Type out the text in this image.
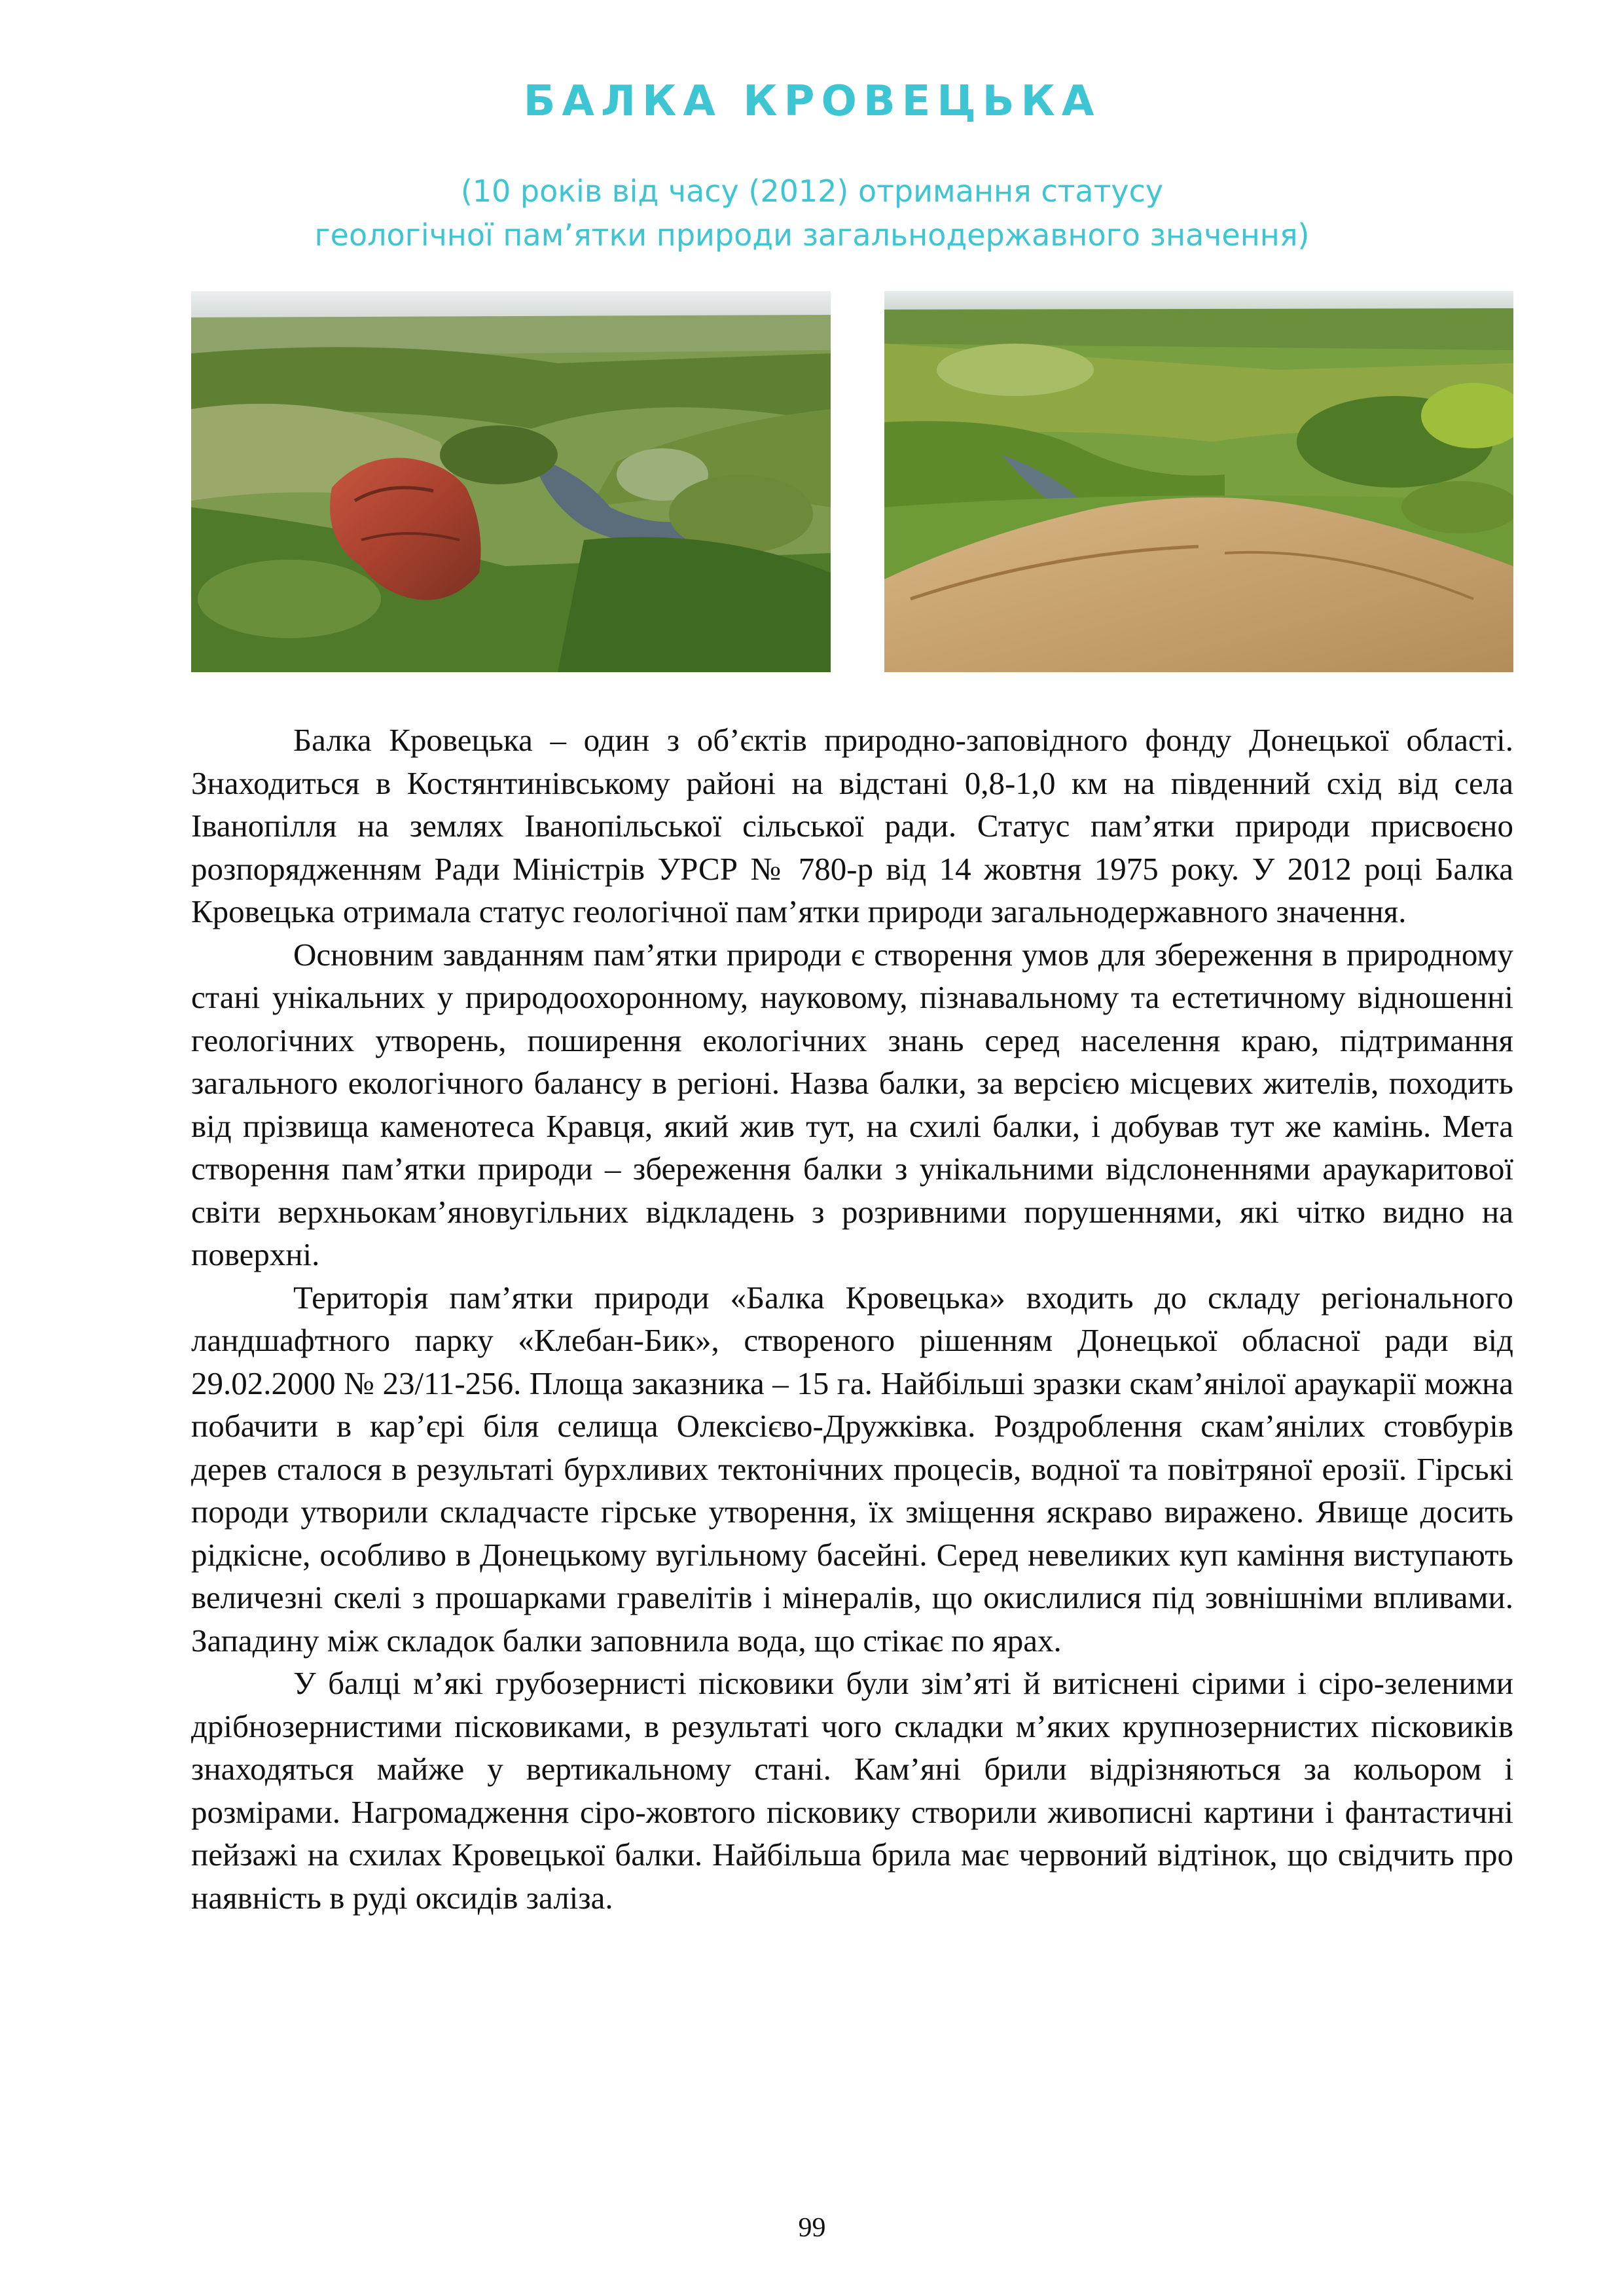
БАЛКА КРОВЕЦЬКА
(10 років від часу (2012) отримання статусу
геологічної пам’ятки природи загальнодержавного значення)

Балка Кровецька – один з об’єктів природно-заповідного фонду Донецької області. Знаходиться в Костянтинівському районі на відстані 0,8-1,0 км на південний схід від села Іванопілля на землях Іванопільської сільської ради. Статус пам’ятки природи присвоєно розпорядженням Ради Міністрів УРСР № 780-р від 14 жовтня 1975 року. У 2012 році Балка Кровецька отримала статус геологічної пам’ятки природи загальнодержавного значення.

Основним завданням пам’ятки природи є створення умов для збереження в природному стані унікальних у природоохоронному, науковому, пізнавальному та естетичному відношенні геологічних утворень, поширення екологічних знань серед населення краю, підтримання загального екологічного балансу в регіоні. Назва балки, за версією місцевих жителів, походить від прізвища каменотеса Кравця, який жив тут, на схилі балки, і добував тут же камінь. Мета створення пам’ятки природи – збереження балки з унікальними відслоненнями араукаритової світи верхньокам’яновугільних відкладень з розривними порушеннями, які чітко видно на поверхні.

Територія пам’ятки природи «Балка Кровецька» входить до складу регіонального ландшафтного парку «Клебан-Бик», створеного рішенням Донецької обласної ради від 29.02.2000 № 23/11-256. Площа заказника – 15 га. Найбільші зразки скам’янілої араукарії можна побачити в кар’єрі біля селища Олексієво-Дружківка. Роздроблення скам’янілих стовбурів дерев сталося в результаті бурхливих тектонічних процесів, водної та повітряної ерозії. Гірські породи утворили складчасте гірське утворення, їх зміщення яскраво виражено. Явище досить рідкісне, особливо в Донецькому вугільному басейні. Серед невеликих куп каміння виступають величезні скелі з прошарками гравелітів і мінералів, що окислилися під зовнішніми впливами. Западину між складок балки заповнила вода, що стікає по ярах.

У балці м’які грубозернисті пісковики були зім’яті й витіснені сірими і сіро-зеленими дрібнозернистими пісковиками, в результаті чого складки м’яких крупнозернистих пісковиків знаходяться майже у вертикальному стані. Кам’яні брили відрізняються за кольором і розмірами. Нагромадження сіро-жовтого пісковику створили живописні картини і фантастичні пейзажі на схилах Кровецької балки. Найбільша брила має червоний відтінок, що свідчить про наявність в руді оксидів заліза.

99
